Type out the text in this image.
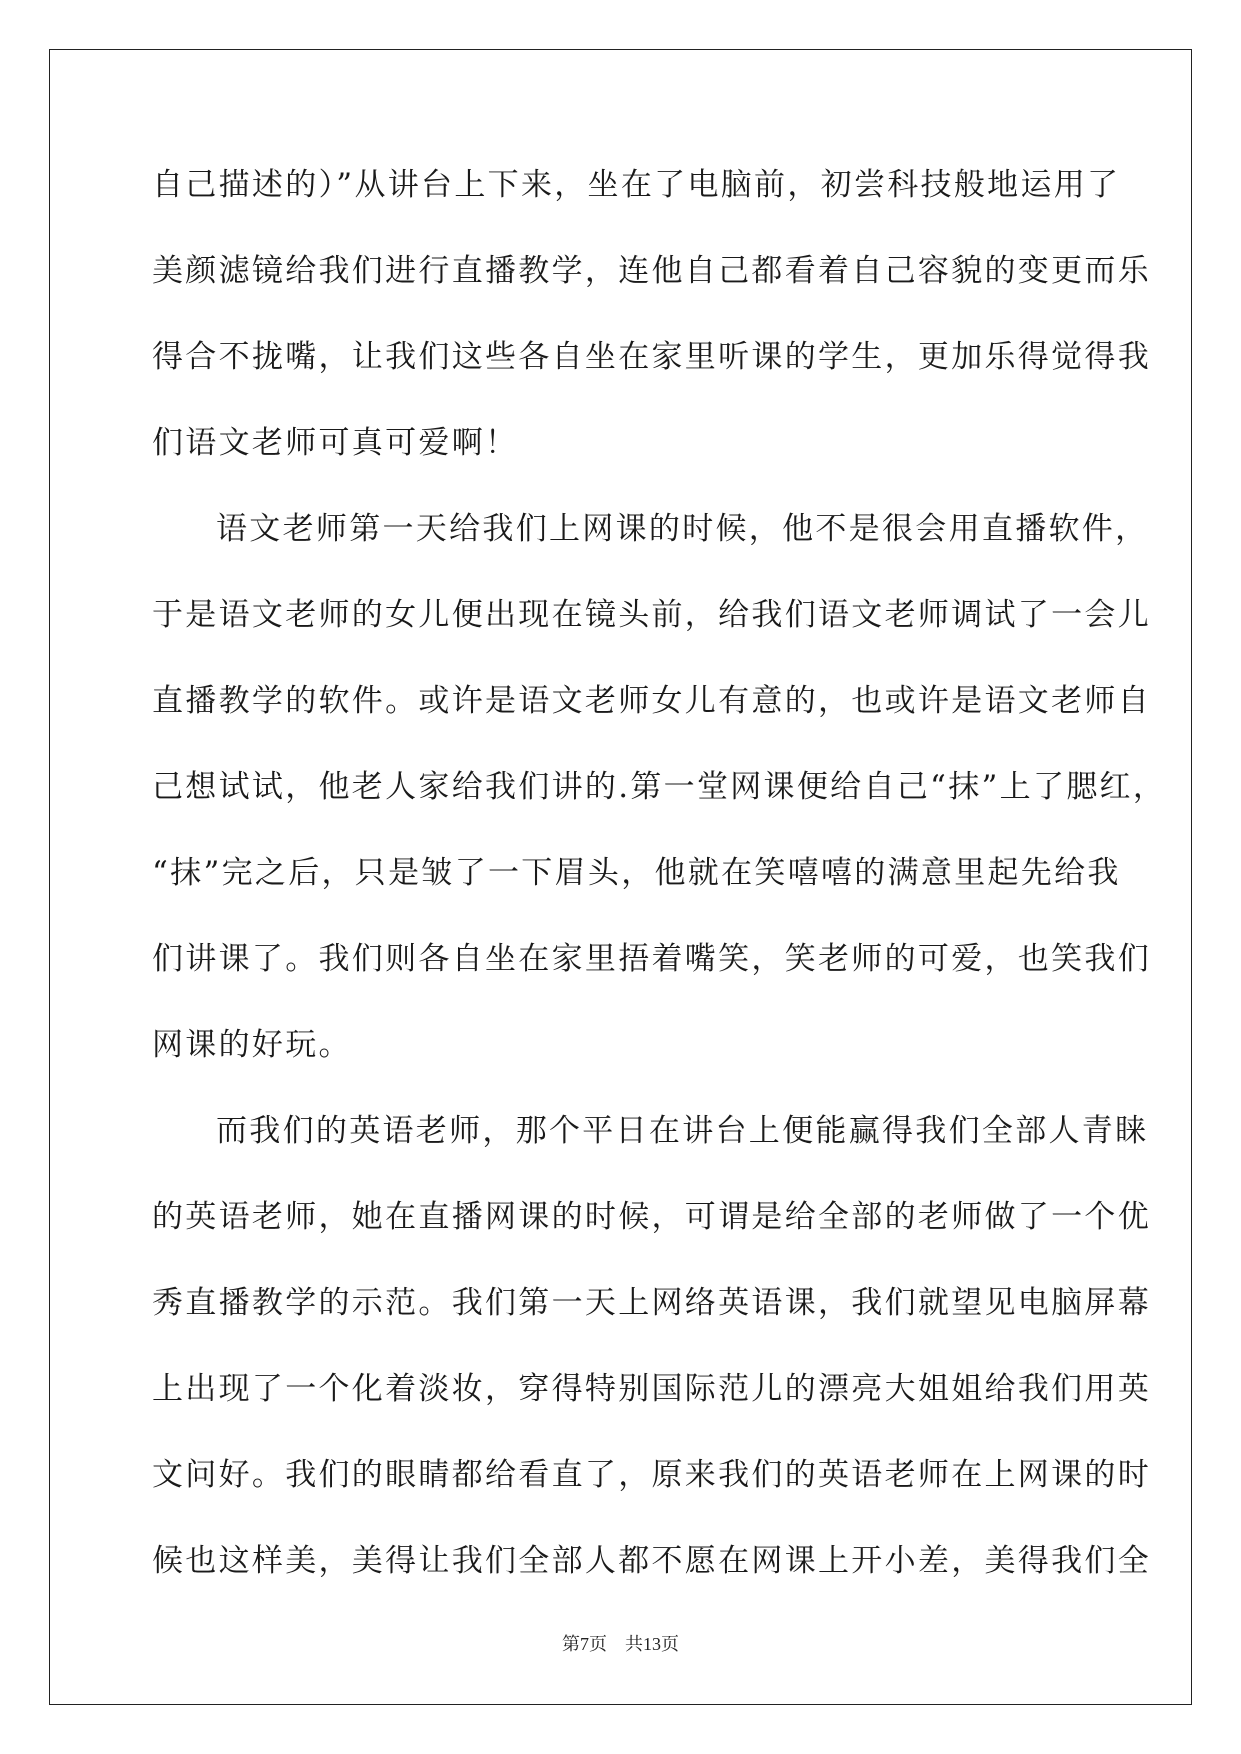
自己描述的）”从讲台上下来，坐在了电脑前，初尝科技般地运用了
美颜滤镜给我们进行直播教学，连他自己都看着自己容貌的变更而乐
得合不拢嘴，让我们这些各自坐在家里听课的学生，更加乐得觉得我
们语文老师可真可爱啊！
语文老师第一天给我们上网课的时候，他不是很会用直播软件，
于是语文老师的女儿便出现在镜头前，给我们语文老师调试了一会儿
直播教学的软件。或许是语文老师女儿有意的，也或许是语文老师自
己想试试，他老人家给我们讲的.第一堂网课便给自己“抹”上了腮红，
“抹”完之后，只是皱了一下眉头，他就在笑嘻嘻的满意里起先给我
们讲课了。我们则各自坐在家里捂着嘴笑，笑老师的可爱，也笑我们
网课的好玩。
而我们的英语老师，那个平日在讲台上便能赢得我们全部人青睐
的英语老师，她在直播网课的时候，可谓是给全部的老师做了一个优
秀直播教学的示范。我们第一天上网络英语课，我们就望见电脑屏幕
上出现了一个化着淡妆，穿得特别国际范儿的漂亮大姐姐给我们用英
文问好。我们的眼睛都给看直了，原来我们的英语老师在上网课的时
候也这样美，美得让我们全部人都不愿在网课上开小差，美得我们全
第7页　共13页
